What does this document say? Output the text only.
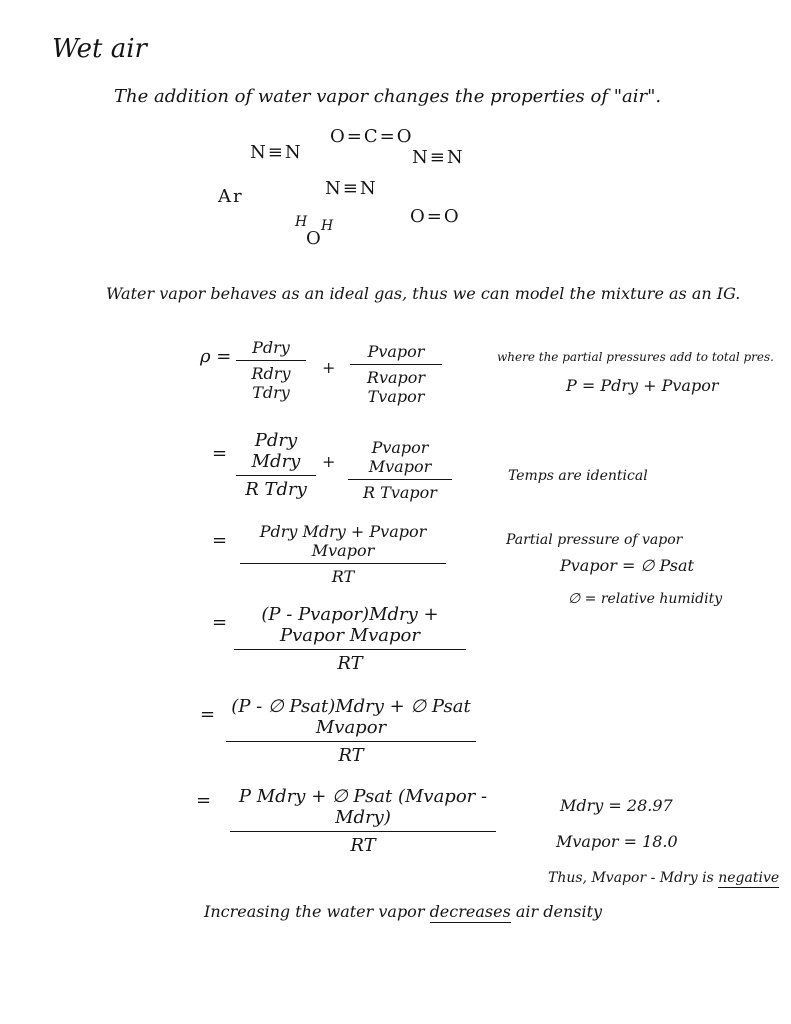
Wet air
The addition of water vapor changes the properties of "air".
N≡N
O=C=O
N≡N
Ar	N≡N
H
O
H	O=O
Water vapor behaves as an ideal gas, thus we can model the mixture as an IG.
ρ =	Pdry
Rdry Tdry
+
Pvapor
Rvapor Tvapor
where the partial pressures add to total pres.
P = Pdry + Pvapor
=
Pdry Mdry
R Tdry
+
Pvapor Mvapor
R Tvapor
Temps are identical
=	Pdry Mdry + Pvapor Mvapor
RT
Partial pressure of vapor
Pvapor = ∅ Psat
∅ = relative humidity
=	(P - Pvapor)Mdry + Pvapor Mvapor
RT
= (P - ∅ Psat)Mdry + ∅ Psat Mvapor
RT
=	P Mdry + ∅ Psat (Mvapor - Mdry)
RT
Mdry = 28.97
Mvapor = 18.0
Thus, Mvapor - Mdry is negative
Increasing the water vapor decreases air density
